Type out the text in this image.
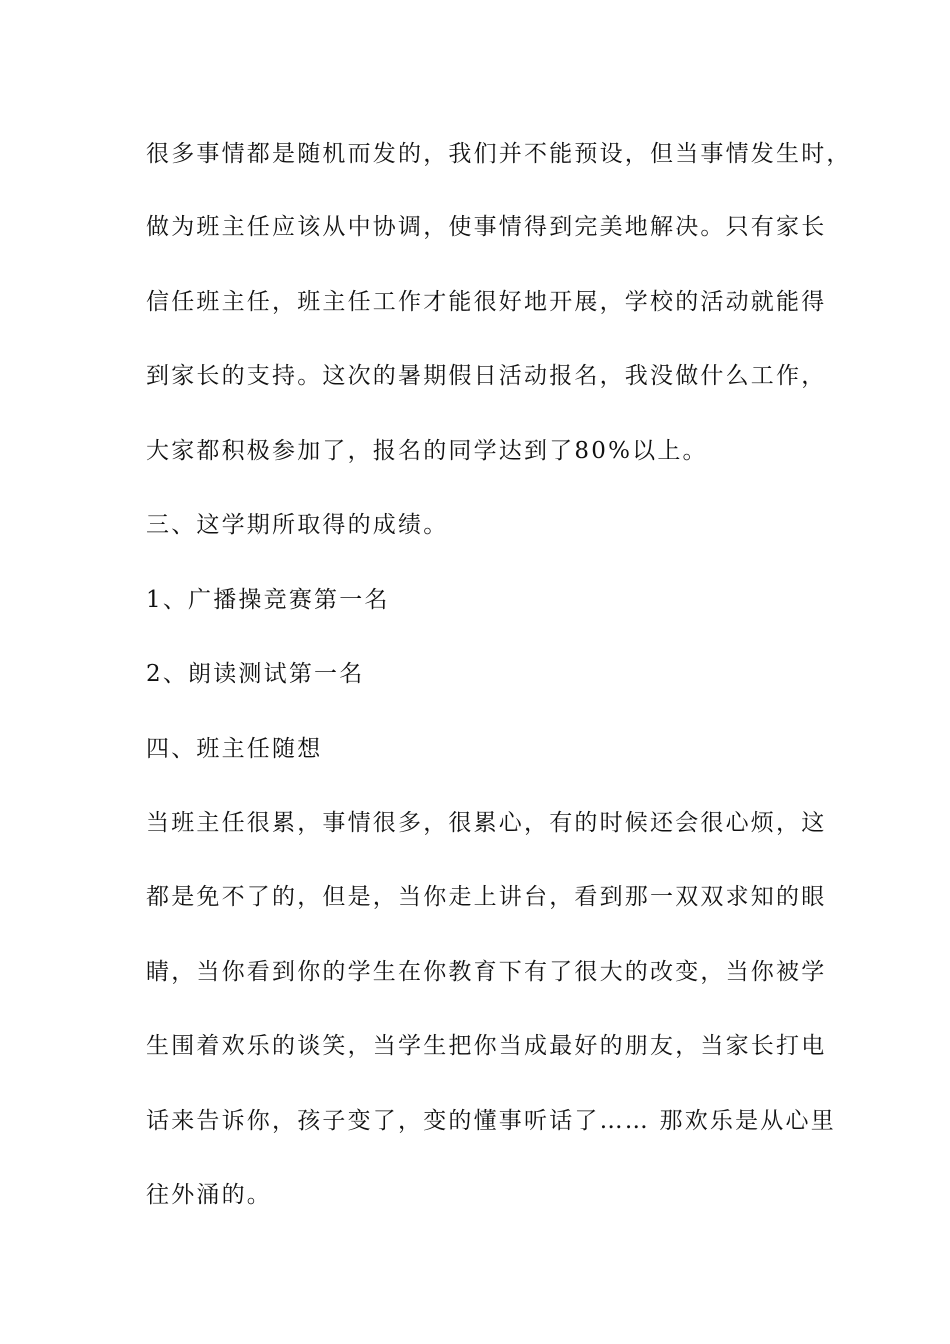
很多事情都是随机而发的，我们并不能预设，但当事情发生时，
做为班主任应该从中协调，使事情得到完美地解决。只有家长
信任班主任，班主任工作才能很好地开展，学校的活动就能得
到家长的支持。这次的暑期假日活动报名，我没做什么工作，
大家都积极参加了，报名的同学达到了80%以上。
三、这学期所取得的成绩。
1、广播操竞赛第一名
2、朗读测试第一名
四、班主任随想
当班主任很累，事情很多，很累心，有的时候还会很心烦，这
都是免不了的，但是，当你走上讲台，看到那一双双求知的眼
睛，当你看到你的学生在你教育下有了很大的改变，当你被学
生围着欢乐的谈笑，当学生把你当成最好的朋友，当家长打电
话来告诉你，孩子变了，变的懂事听话了…… 那欢乐是从心里
往外涌的。
